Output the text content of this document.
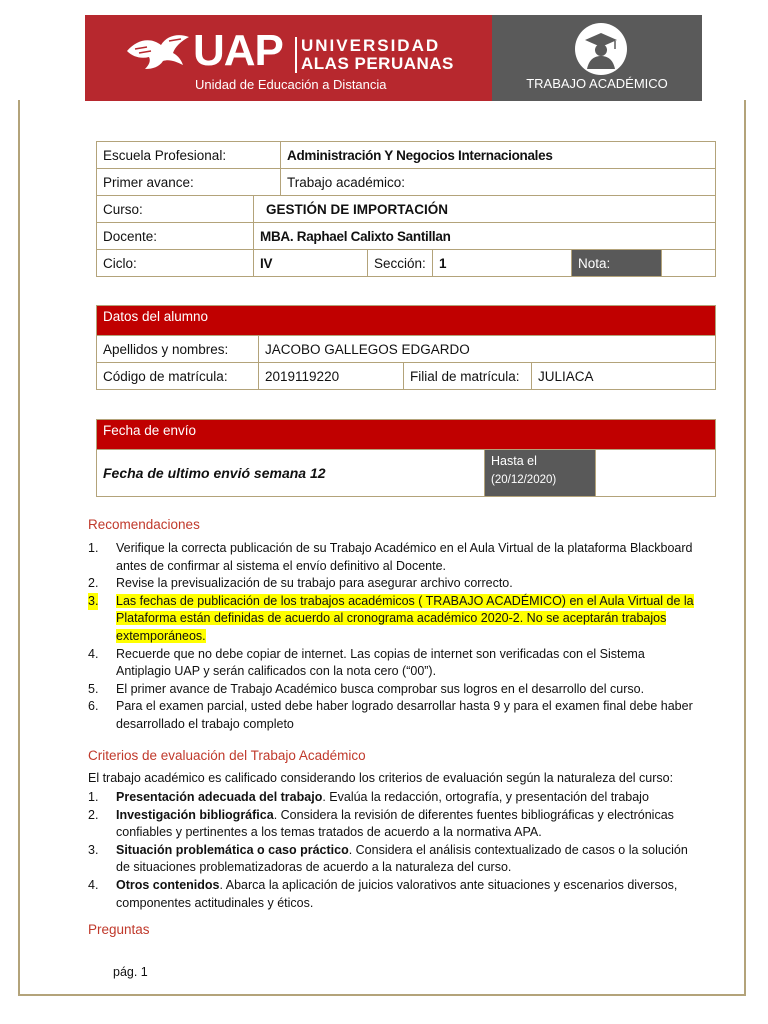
UAP UNIVERSIDAD
ALAS PERUANAS
Unidad de Educación a Distancia	TRABAJO ACADÉMICO
Escuela Profesional:		Administración Y Negocios Internacionales				
Primer avance:		Trabajo académico:				
Curso:	GESTIÓN DE IMPORTACIÓN					
Docente:	MBA. Raphael Calixto Santillan					
Ciclo:	IV		Sección:	1	Nota:	
Datos del alumno			
Apellidos y nombres:	JACOBO GALLEGOS EDGARDO		
Código de matrícula:	2019119220	Filial de matrícula:	JULIACA
Fecha de envío
Fecha de ultimo envió semana 12	
Hasta el
(20/12/2020)

Recomendaciones
1. Verifique la correcta publicación de su Trabajo Académico en el Aula Virtual de la plataforma Blackboard antes de confirmar al sistema el envío definitivo al Docente.
2. Revise la previsualización de su trabajo para asegurar archivo correcto.
3. Las fechas de publicación de los trabajos académicos ( TRABAJO ACADÉMICO) en el Aula Virtual de la Plataforma están definidas de acuerdo al cronograma académico 2020-2. No se aceptarán trabajos extemporáneos.
4. Recuerde que no debe copiar de internet. Las copias de internet son verificadas con el Sistema Antiplagio UAP y serán calificados con la nota cero (“00”).
5. El primer avance de Trabajo Académico busca comprobar sus logros en el desarrollo del curso.
6. Para el examen parcial, usted debe haber logrado desarrollar hasta 9 y para el examen final debe haber desarrollado el trabajo completo
Criterios de evaluación del Trabajo Académico
El trabajo académico es calificado considerando los criterios de evaluación según la naturaleza del curso:
1. Presentación adecuada del trabajo. Evalúa la redacción, ortografía, y presentación del trabajo
2. Investigación bibliográfica. Considera la revisión de diferentes fuentes bibliográficas y electrónicas confiables y pertinentes a los temas tratados de acuerdo a la normativa APA.
3. Situación problemática o caso práctico. Considera el análisis contextualizado de casos o la solución de situaciones problematizadoras de acuerdo a la naturaleza del curso.
4. Otros contenidos. Abarca la aplicación de juicios valorativos ante situaciones y escenarios diversos, componentes actitudinales y éticos.
Preguntas
pág. 1
